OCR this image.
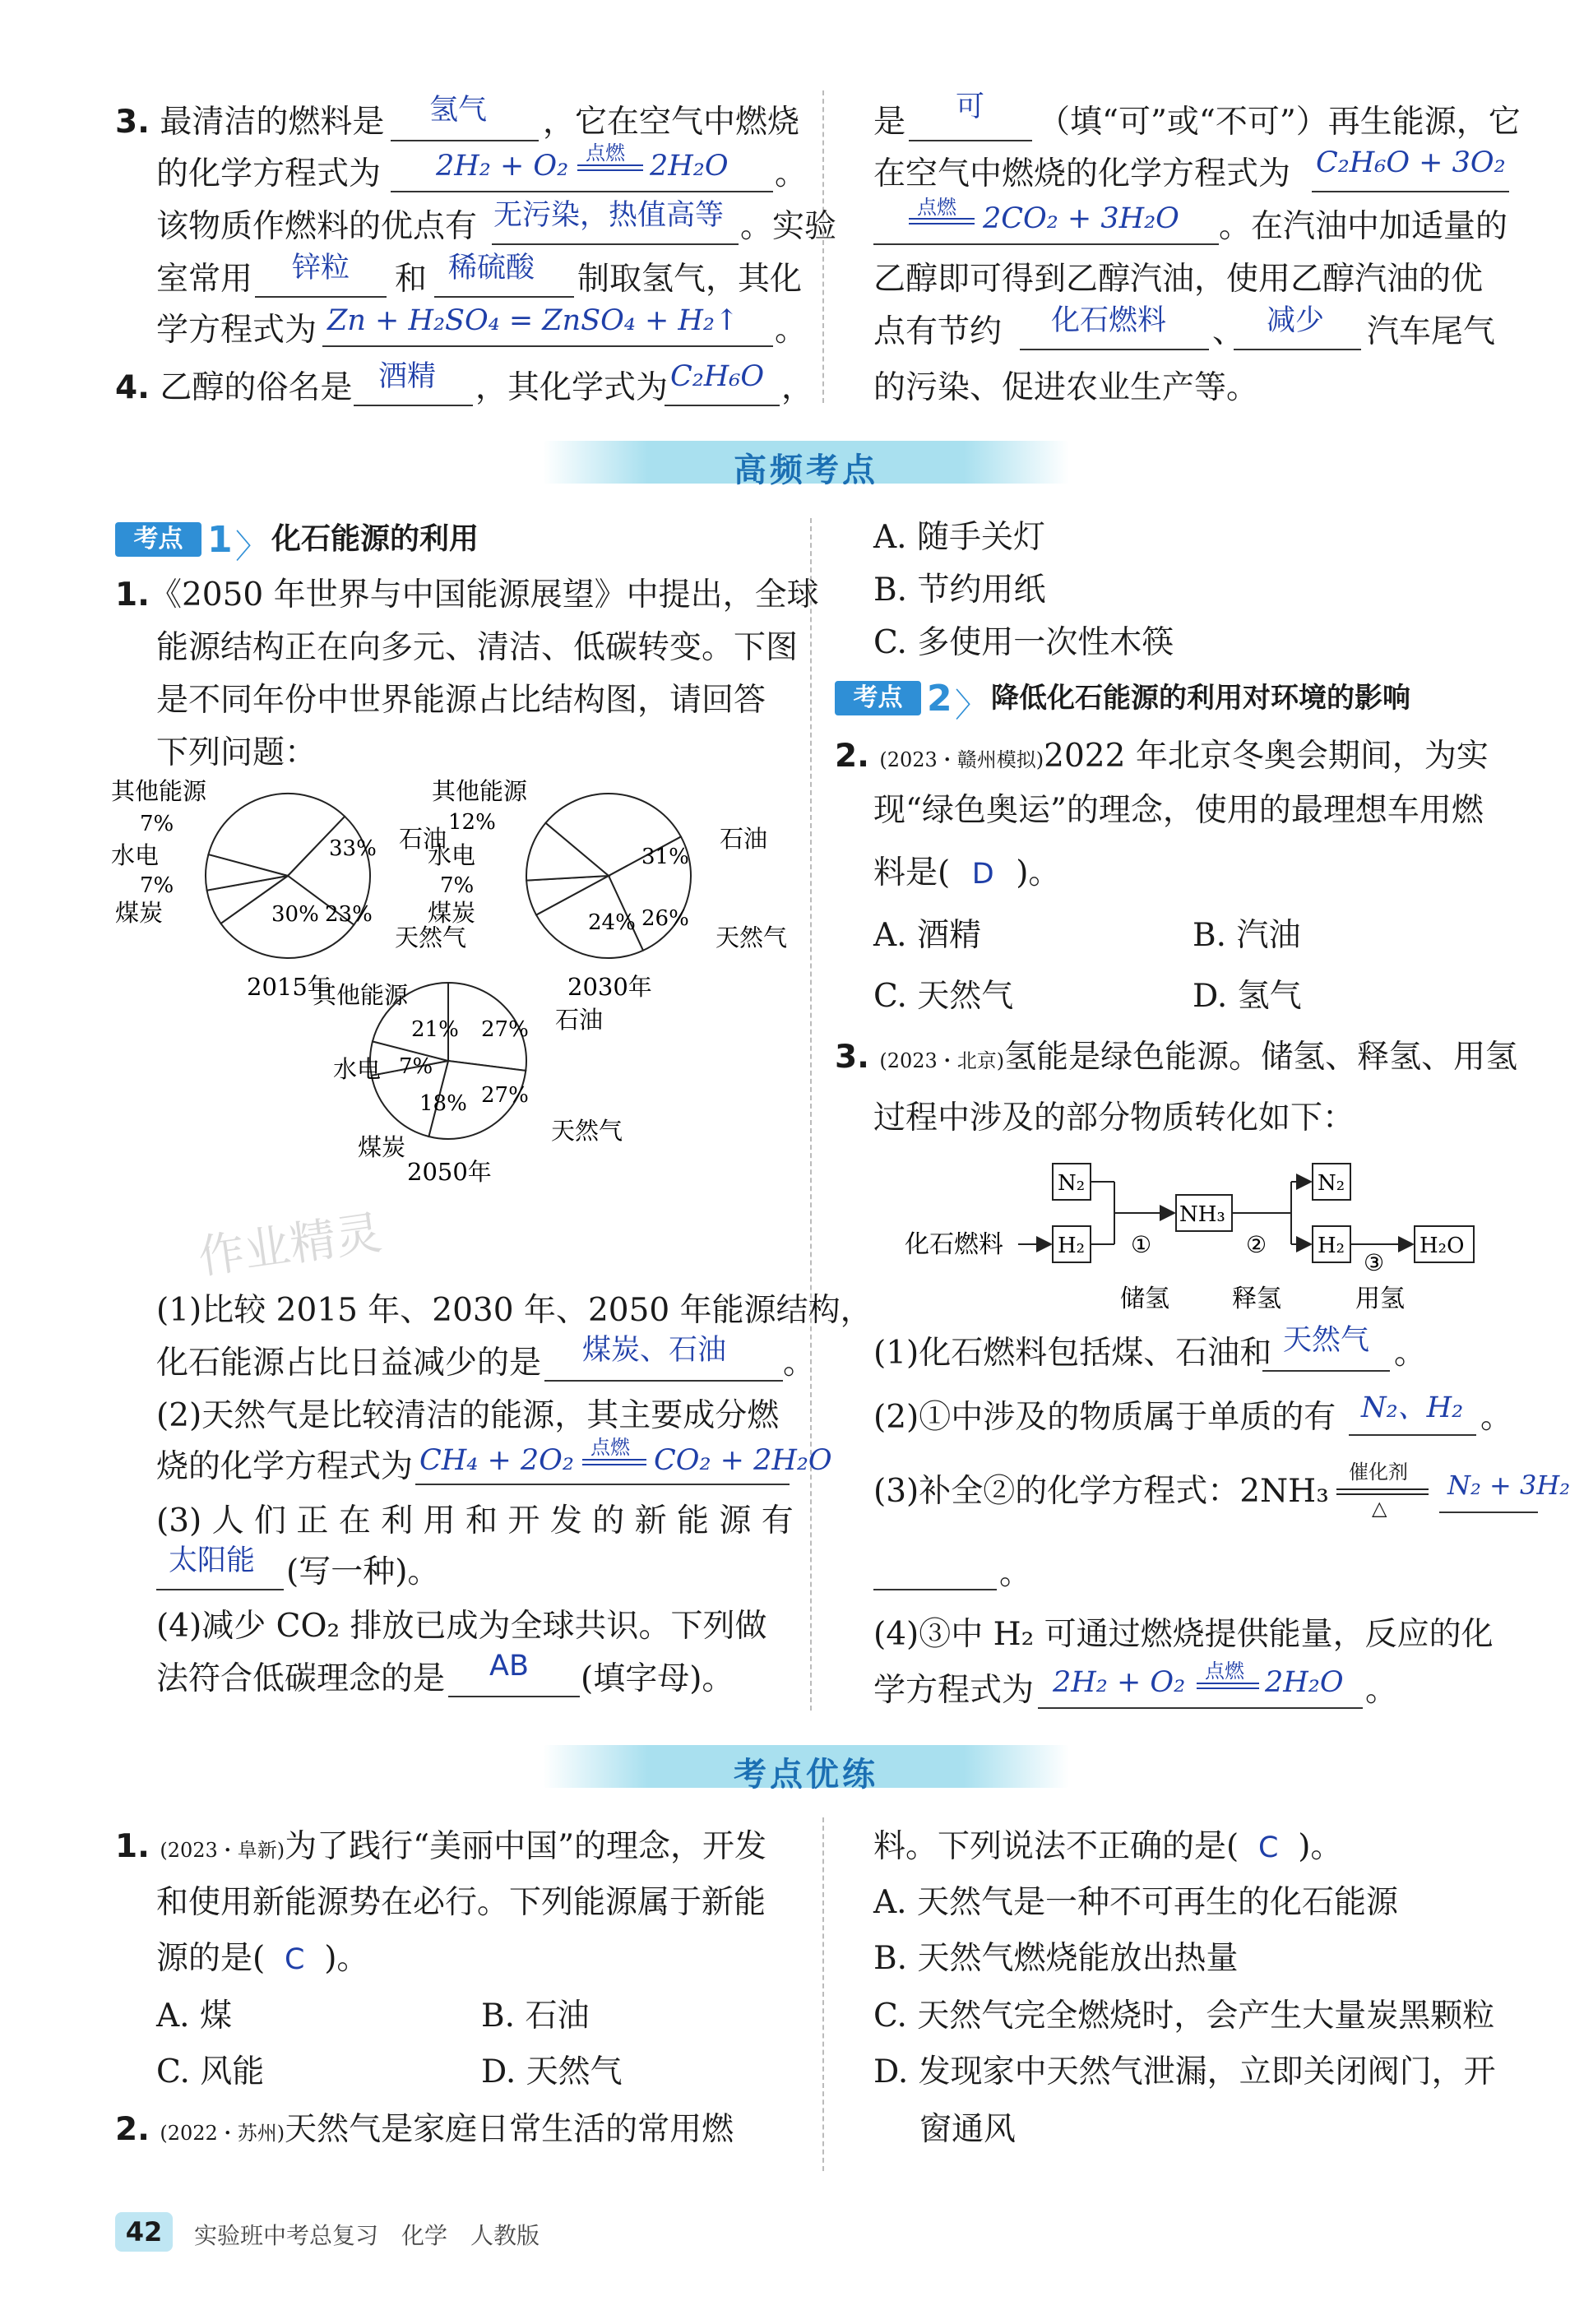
3. 最清洁的燃料是 氢气 ，它在空气中燃烧
的化学方程式为 2H₂ + O₂ 点燃 2H₂O 。
该物质作燃料的优点有 无污染，热值高等 。实验
室常用 锌粒 和 稀硫酸 制取氢气，其化
学方程式为 Zn + H₂SO₄ = ZnSO₄ + H₂↑ 。
4. 乙醇的俗名是 酒精 ，其化学式为 C₂H₆O ，
是 可 （填“可”或“不可”）再生能源，它
在空气中燃烧的化学方程式为 C₂H₆O + 3O₂
点燃 2CO₂ + 3H₂O 。在汽油中加适量的
乙醇即可得到乙醇汽油，使用乙醇汽油的优
点有节约 化石燃料 、 减少 汽车尾气
的污染、促进农业生产等。
高频考点
考点 1 〉 化石能源的利用
1.《2050 年世界与中国能源展望》中提出，全球
能源结构正在向多元、清洁、低碳转变。下图
是不同年份中世界能源占比结构图，请回答
下列问题：
33%
23%
30%
7%
7%
石油
天然气
煤炭
水电
其他能源
2015年
31%
26%
24%
7%
12%
石油
天然气
煤炭
水电
其他能源
2030年
27%
27%
18%
7%
21%	石油
天然气
煤炭
水电
其他能源
2050年
(1)比较 2015 年、2030 年、2050 年能源结构，
化石能源占比日益减少的是 煤炭、石油 。
(2)天然气是比较清洁的能源，其主要成分燃
烧的化学方程式为 CH₄ + 2O₂ 点燃 CO₂ + 2H₂O
(3) 人 们 正 在 利 用 和 开 发 的 新 能 源 有
太阳能 (写一种)。
(4)减少 CO₂ 排放已成为全球共识。下列做
法符合低碳理念的是 AB (填字母)。
A. 随手关灯
B. 节约用纸
C. 多使用一次性木筷
考点 2 〉 降低化石能源的利用对环境的影响
2. (2023・赣州模拟)2022 年北京冬奥会期间，为实
现“绿色奥运”的理念，使用的最理想车用燃
料是( D )。
A. 酒精	B. 汽油
C. 天然气	D. 氢气
3. (2023・北京)氢能是绿色能源。储氢、释氢、用氢
过程中涉及的部分物质转化如下：
化石燃料
N₂
H₂ ①
NH₃
②
N₂
H₂
③
H₂O
储氢	释氢	用氢
(1)化石燃料包括煤、石油和 天然气 。
(2)①中涉及的物质属于单质的有 N₂、H₂ 。
(3)补全②的化学方程式：2NH₃
催化剂
△
N₂ + 3H₂
。
(4)③中 H₂ 可通过燃烧提供能量，反应的化
学方程式为 2H₂ + O₂ 点燃 2H₂O 。
考点优练
1. (2023・阜新)为了践行“美丽中国”的理念，开发
和使用新能源势在必行。下列能源属于新能
源的是( C )。
A. 煤	B. 石油
C. 风能	D. 天然气
2. (2022・苏州)天然气是家庭日常生活的常用燃
料。下列说法不正确的是( C )。
A. 天然气是一种不可再生的化石能源
B. 天然气燃烧能放出热量
C. 天然气完全燃烧时，会产生大量炭黑颗粒
D. 发现家中天然气泄漏，立即关闭阀门，开
窗通风
作业精灵
42	实验班中考总复习　化学　人教版
